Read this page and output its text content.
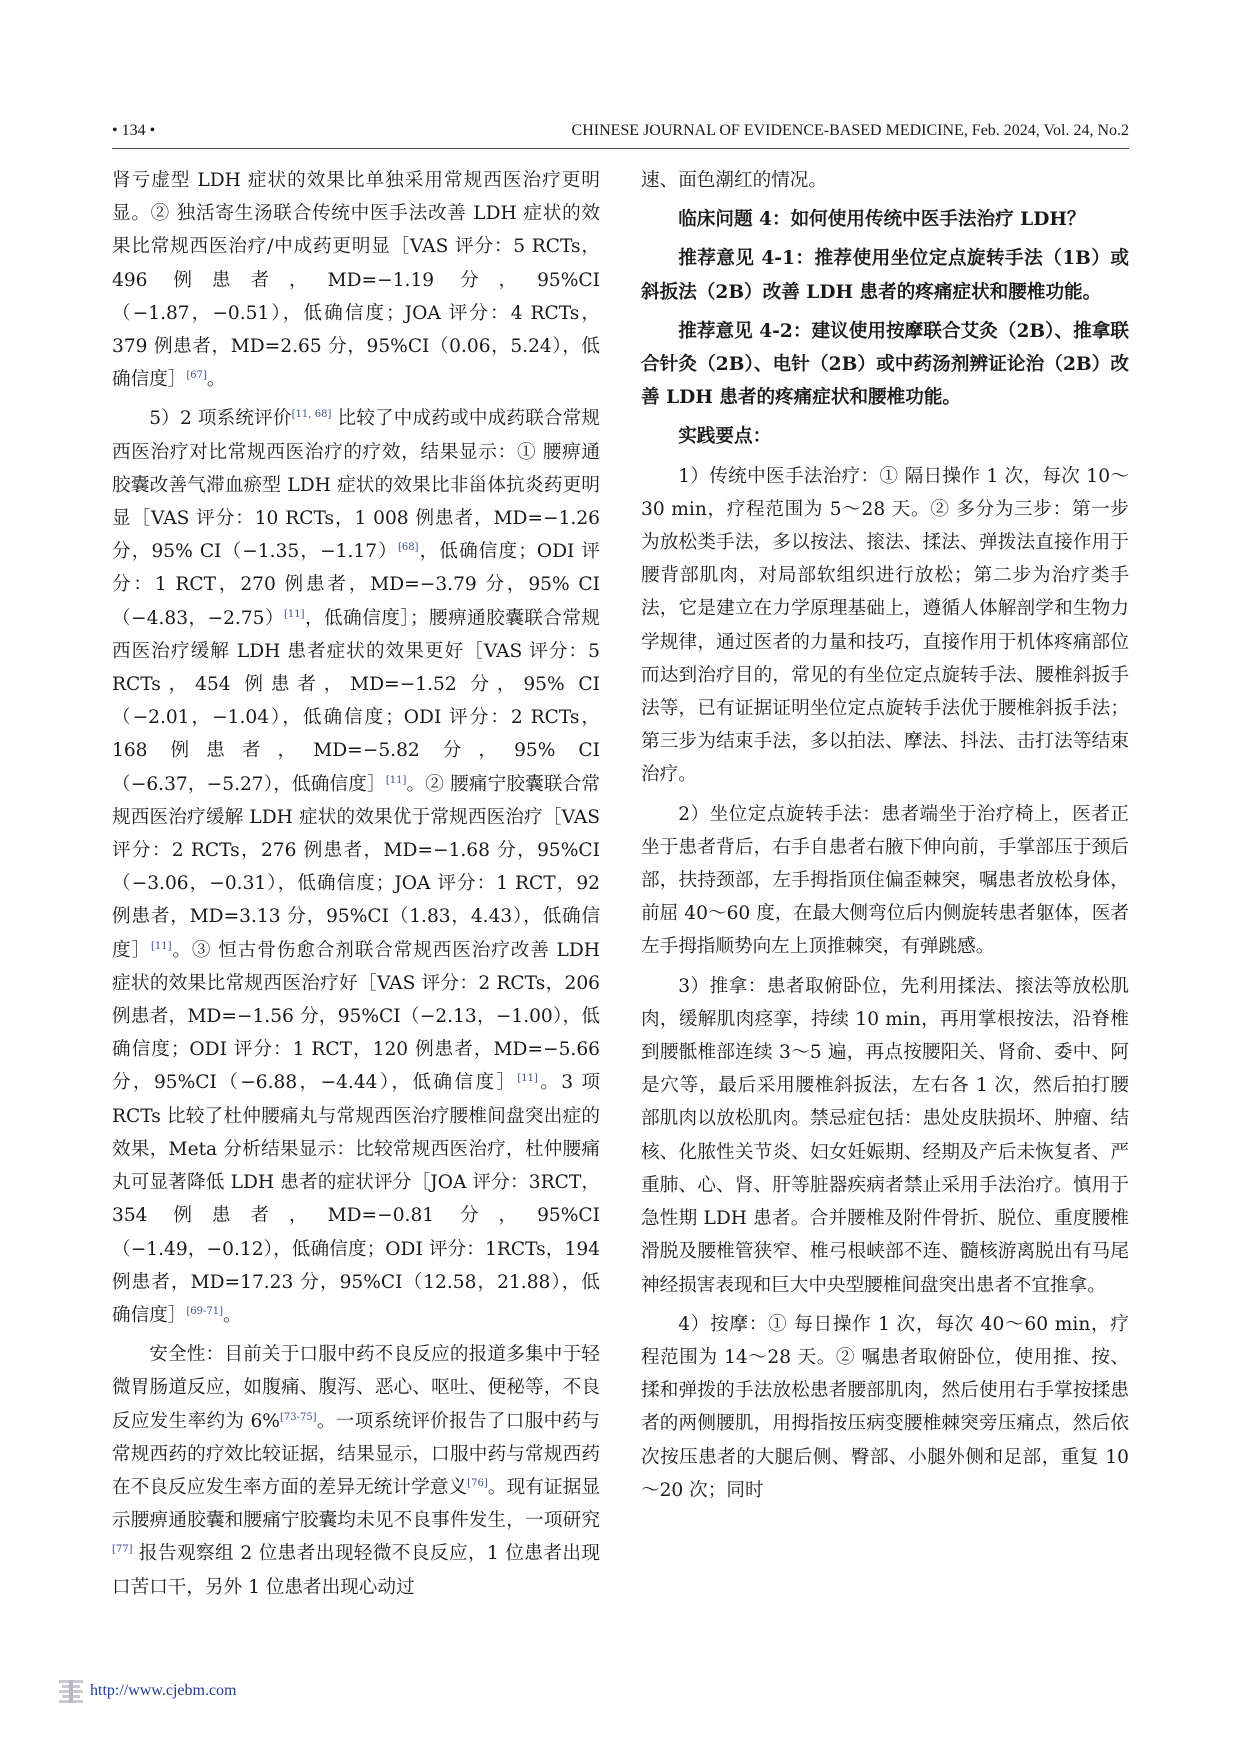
• 134 •	CHINESE JOURNAL OF EVIDENCE-BASED MEDICINE, Feb. 2024, Vol. 24, No.2

肾亏虚型 LDH 症状的效果比单独采用常规西医治疗更明显。② 独活寄生汤联合传统中医手法改善 LDH 症状的效果比常规西医治疗/中成药更明显［VAS 评分：5 RCTs，496 例患者，MD=−1.19 分，95%CI（−1.87，−0.51），低确信度；JOA 评分：4 RCTs，379 例患者，MD=2.65 分，95%CI（0.06，5.24），低确信度］[67]。

5）2 项系统评价[11, 68] 比较了中成药或中成药联合常规西医治疗对比常规西医治疗的疗效，结果显示：① 腰痹通胶囊改善气滞血瘀型 LDH 症状的效果比非甾体抗炎药更明显［VAS 评分：10 RCTs，1 008 例患者，MD=−1.26 分，95% CI（−1.35，−1.17）[68]，低确信度；ODI 评分：1 RCT，270 例患者，MD=−3.79 分，95% CI（−4.83，−2.75）[11]，低确信度］；腰痹通胶囊联合常规西医治疗缓解 LDH 患者症状的效果更好［VAS 评分：5 RCTs，454 例患者，MD=−1.52 分，95% CI（−2.01，−1.04），低确信度；ODI 评分：2 RCTs，168 例患者，MD=−5.82 分，95% CI（−6.37，−5.27），低确信度］[11]。② 腰痛宁胶囊联合常规西医治疗缓解 LDH 症状的效果优于常规西医治疗［VAS 评分：2 RCTs，276 例患者，MD=−1.68 分，95%CI（−3.06，−0.31），低确信度；JOA 评分：1 RCT，92 例患者，MD=3.13 分，95%CI（1.83，4.43），低确信度］[11]。③ 恒古骨伤愈合剂联合常规西医治疗改善 LDH 症状的效果比常规西医治疗好［VAS 评分：2 RCTs，206 例患者，MD=−1.56 分，95%CI（−2.13，−1.00），低确信度；ODI 评分：1 RCT，120 例患者，MD=−5.66 分，95%CI（−6.88，−4.44），低确信度］[11]。3 项 RCTs 比较了杜仲腰痛丸与常规西医治疗腰椎间盘突出症的效果，Meta 分析结果显示：比较常规西医治疗，杜仲腰痛丸可显著降低 LDH 患者的症状评分［JOA 评分：3RCT，354 例患者，MD=−0.81 分，95%CI（−1.49，−0.12），低确信度；ODI 评分：1RCTs，194 例患者，MD=17.23 分，95%CI（12.58，21.88），低确信度］[69-71]。

安全性：目前关于口服中药不良反应的报道多集中于轻微胃肠道反应，如腹痛、腹泻、恶心、呕吐、便秘等，不良反应发生率约为 6%[73-75]。一项系统评价报告了口服中药与常规西药的疗效比较证据，结果显示，口服中药与常规西药在不良反应发生率方面的差异无统计学意义[76]。现有证据显示腰痹通胶囊和腰痛宁胶囊均未见不良事件发生，一项研究[77] 报告观察组 2 位患者出现轻微不良反应，1 位患者出现口苦口干，另外 1 位患者出现心动过

速、面色潮红的情况。

临床问题 4：如何使用传统中医手法治疗 LDH？

推荐意见 4-1：推荐使用坐位定点旋转手法（1B）或斜扳法（2B）改善 LDH 患者的疼痛症状和腰椎功能。

推荐意见 4-2：建议使用按摩联合艾灸（2B）、推拿联合针灸（2B）、电针（2B）或中药汤剂辨证论治（2B）改善 LDH 患者的疼痛症状和腰椎功能。

实践要点：

1）传统中医手法治疗：① 隔日操作 1 次，每次 10～30 min，疗程范围为 5～28 天。② 多分为三步：第一步为放松类手法，多以按法、㨰法、揉法、弹拨法直接作用于腰背部肌肉，对局部软组织进行放松；第二步为治疗类手法，它是建立在力学原理基础上，遵循人体解剖学和生物力学规律，通过医者的力量和技巧，直接作用于机体疼痛部位而达到治疗目的，常见的有坐位定点旋转手法、腰椎斜扳手法等，已有证据证明坐位定点旋转手法优于腰椎斜扳手法；第三步为结束手法，多以拍法、摩法、抖法、击打法等结束治疗。

2）坐位定点旋转手法：患者端坐于治疗椅上，医者正坐于患者背后，右手自患者右腋下伸向前，手掌部压于颈后部，扶持颈部，左手拇指顶住偏歪棘突，嘱患者放松身体，前屈 40～60 度，在最大侧弯位后内侧旋转患者躯体，医者左手拇指顺势向左上顶推棘突，有弹跳感。

3）推拿：患者取俯卧位，先利用揉法、㨰法等放松肌肉，缓解肌肉痉挛，持续 10 min，再用掌根按法，沿脊椎到腰骶椎部连续 3～5 遍，再点按腰阳关、肾俞、委中、阿是穴等，最后采用腰椎斜扳法，左右各 1 次，然后拍打腰部肌肉以放松肌肉。禁忌症包括：患处皮肤损坏、肿瘤、结核、化脓性关节炎、妇女妊娠期、经期及产后未恢复者、严重肺、心、肾、肝等脏器疾病者禁止采用手法治疗。慎用于急性期 LDH 患者。合并腰椎及附件骨折、脱位、重度腰椎滑脱及腰椎管狭窄、椎弓根峡部不连、髓核游离脱出有马尾神经损害表现和巨大中央型腰椎间盘突出患者不宜推拿。

4）按摩：① 每日操作 1 次，每次 40～60 min，疗程范围为 14～28 天。② 嘱患者取俯卧位，使用推、按、揉和弹拨的手法放松患者腰部肌肉，然后使用右手掌按揉患者的两侧腰肌，用拇指按压病变腰椎棘突旁压痛点，然后依次按压患者的大腿后侧、臀部、小腿外侧和足部，重复 10～20 次；同时

http://www.cjebm.com
